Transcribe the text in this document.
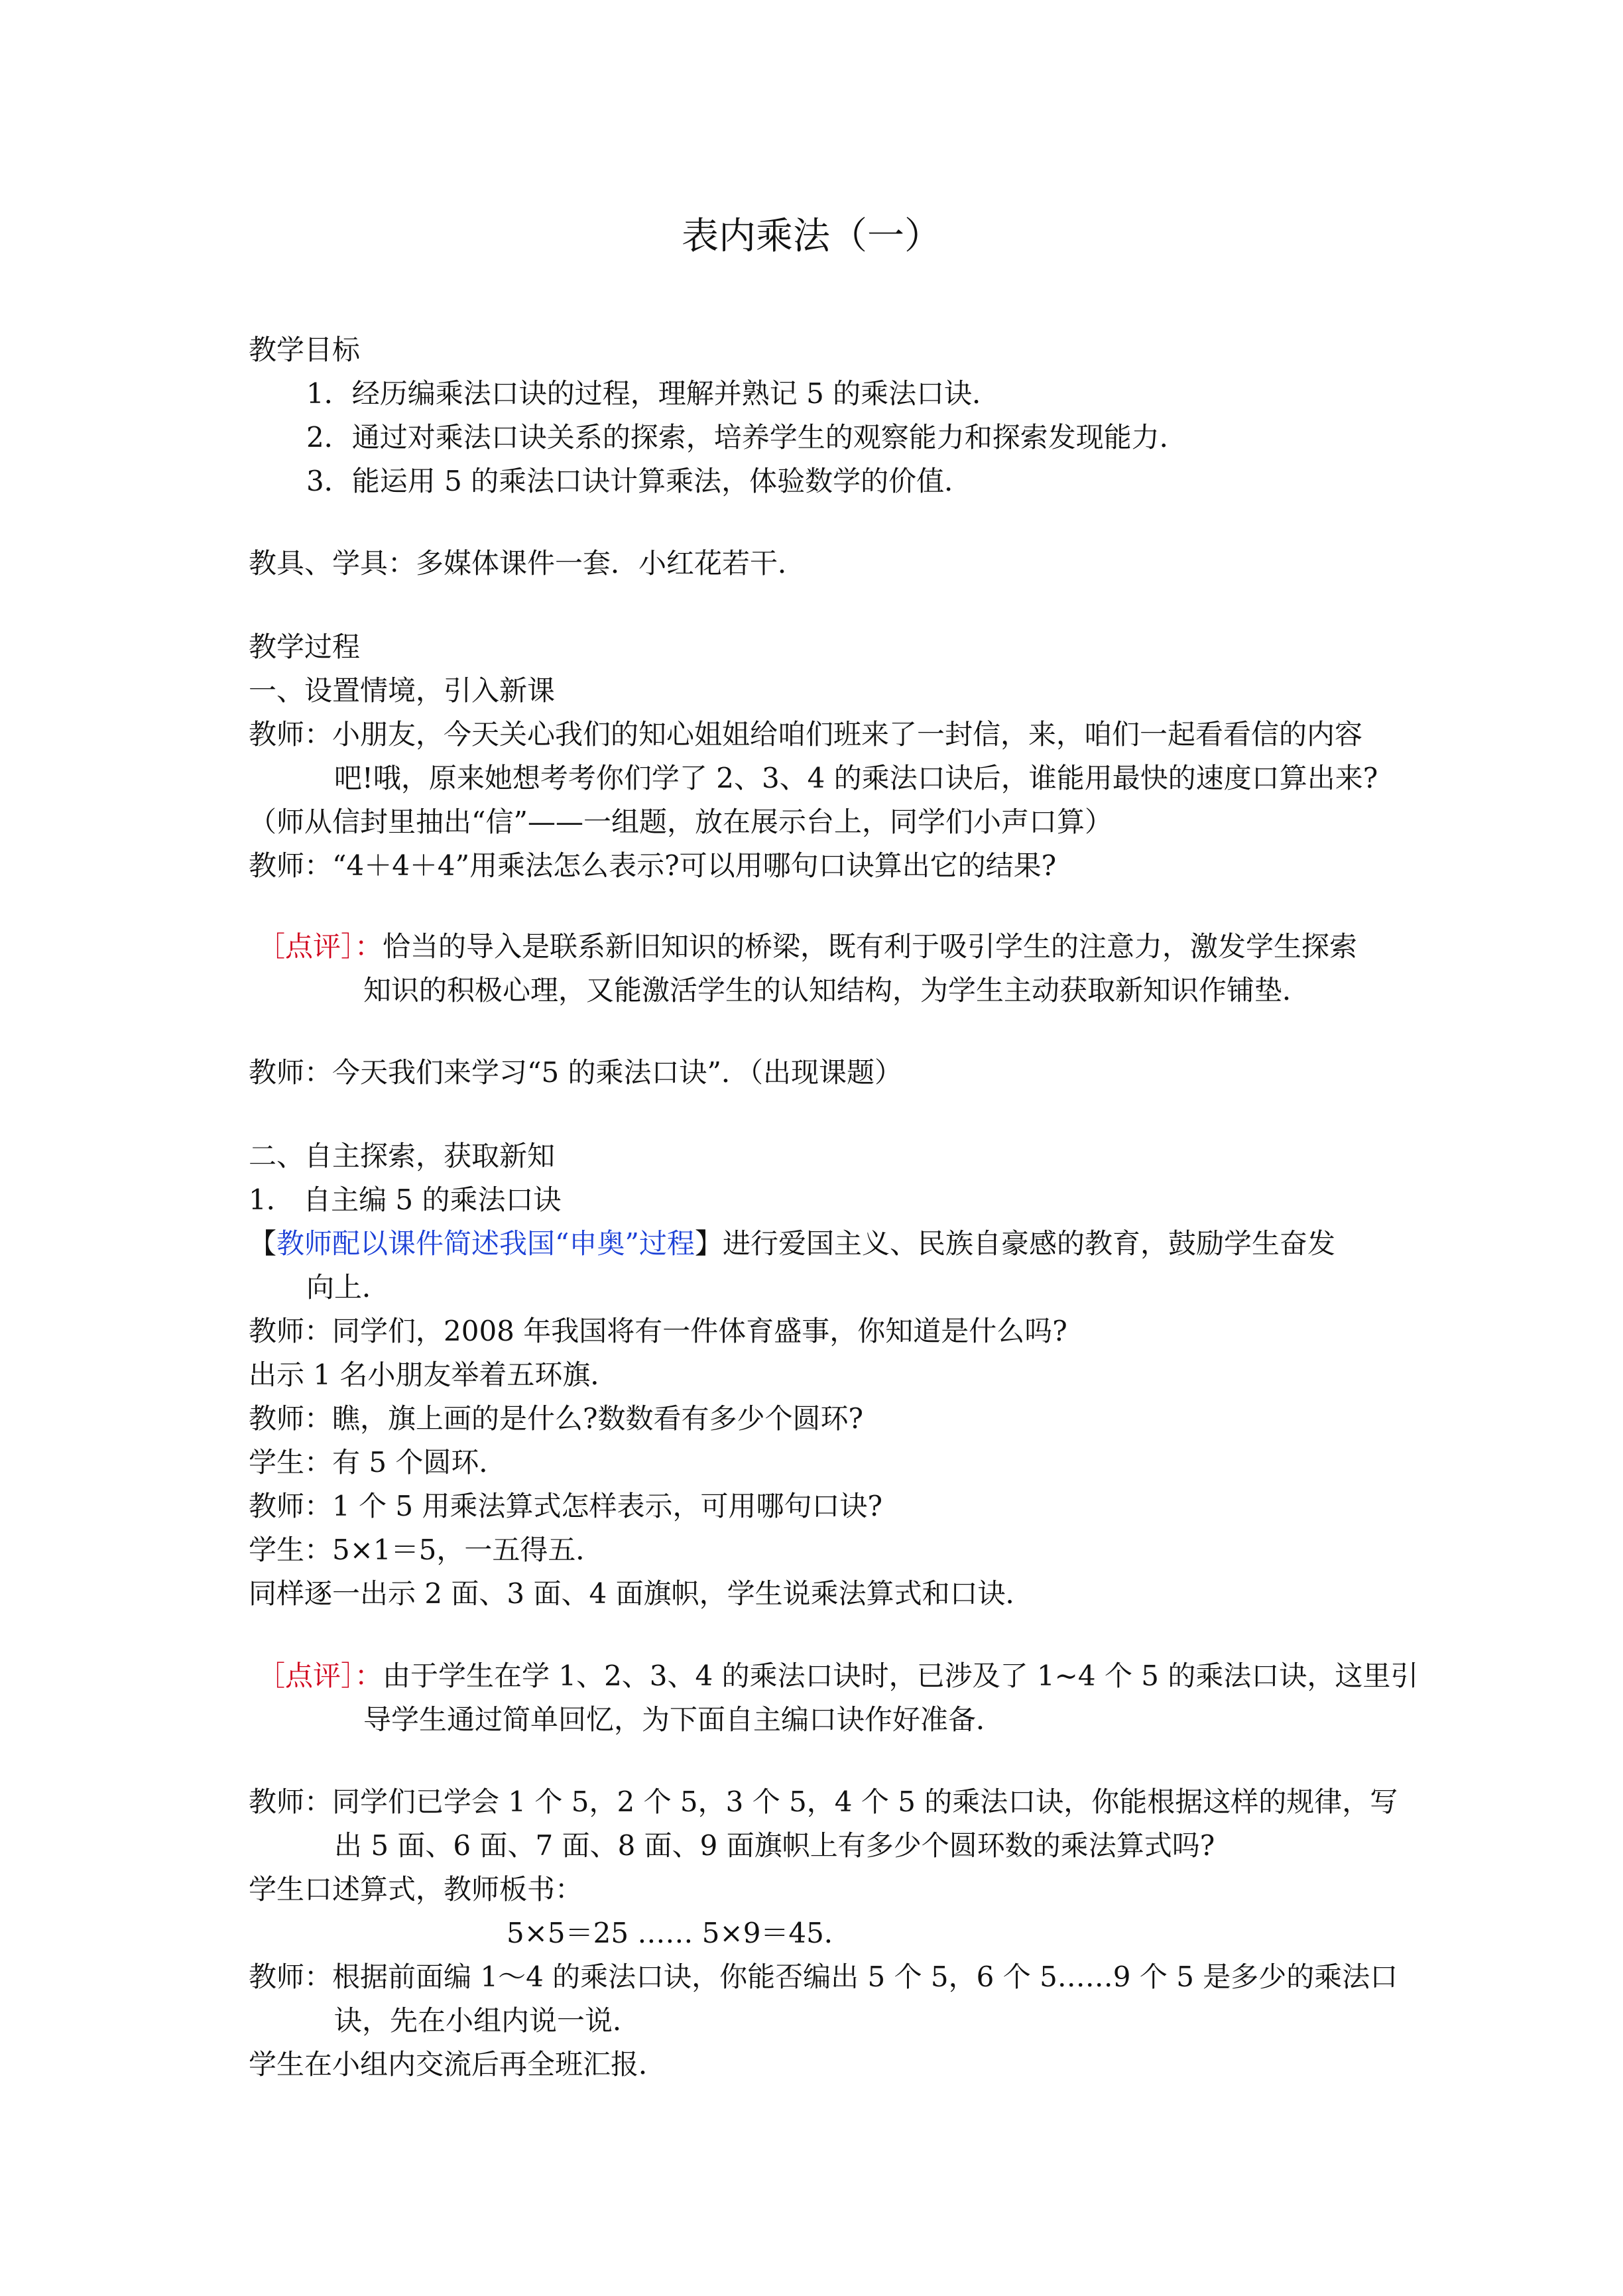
表内乘法（一）
教学目标
1．经历编乘法口诀的过程，理解并熟记 5 的乘法口诀．
2．通过对乘法口诀关系的探索，培养学生的观察能力和探索发现能力．
3．能运用 5 的乘法口诀计算乘法，体验数学的价值．
教具、学具：多媒体课件一套．小红花若干．
教学过程
一、设置情境，引入新课
教师：小朋友，今天关心我们的知心姐姐给咱们班来了一封信，来，咱们一起看看信的内容
吧!哦，原来她想考考你们学了 2、3、4 的乘法口诀后，谁能用最快的速度口算出来?
（师从信封里抽出“信”——一组题，放在展示台上，同学们小声口算）
教师：“4＋4＋4”用乘法怎么表示?可以用哪句口诀算出它的结果?
［点评］：恰当的导入是联系新旧知识的桥梁，既有利于吸引学生的注意力，激发学生探索
知识的积极心理，又能激活学生的认知结构，为学生主动获取新知识作铺垫．
教师：今天我们来学习“5 的乘法口诀”．（出现课题）
二、自主探索，获取新知
1． 自主编 5 的乘法口诀
【教师配以课件简述我国“申奥”过程】进行爱国主义、民族自豪感的教育，鼓励学生奋发
向上．
教师：同学们，2008 年我国将有一件体育盛事，你知道是什么吗?
出示 1 名小朋友举着五环旗．
教师：瞧，旗上画的是什么?数数看有多少个圆环?
学生：有 5 个圆环．
教师：1 个 5 用乘法算式怎样表示，可用哪句口诀?
学生：5×1＝5，一五得五．
同样逐一出示 2 面、3 面、4 面旗帜，学生说乘法算式和口诀．
［点评］：由于学生在学 1、2、3、4 的乘法口诀时，已涉及了 1~4 个 5 的乘法口诀，这里引
导学生通过简单回忆，为下面自主编口诀作好准备．
教师：同学们已学会 1 个 5，2 个 5，3 个 5，4 个 5 的乘法口诀，你能根据这样的规律，写
出 5 面、6 面、7 面、8 面、9 面旗帜上有多少个圆环数的乘法算式吗?
学生口述算式，教师板书：
5×5＝25 …… 5×9＝45．
教师：根据前面编 1～4 的乘法口诀，你能否编出 5 个 5，6 个 5……9 个 5 是多少的乘法口
诀，先在小组内说一说．
学生在小组内交流后再全班汇报．
